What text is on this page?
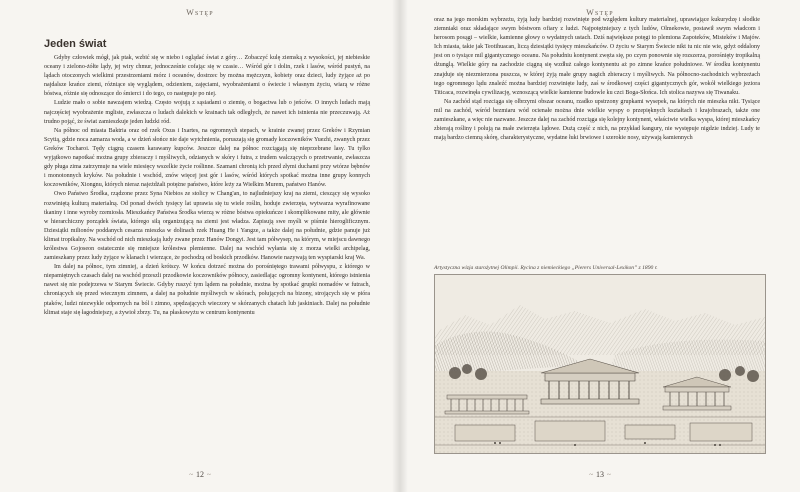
Wstęp
Jeden świat

Gdyby człowiek mógł, jak ptak, wzbić się w niebo i oglądać świat z góry… Zobaczyć kulę ziemską z wysokości, jej niebieskie oceany i zielono-żółte lądy, jej wiry chmur, jednocześnie cofając się w czasie… Wśród gór i dolin, rzek i lasów, wśród pustyń, na lądach otoczonych wielkimi przestrzeniami mórz i oceanów, dostrzec by można mężczyzn, kobiety oraz dzieci, ludy żyjące aż po najdalsze krańce ziemi, różniące się wyglądem, odzieniem, zajęciami, wyobrażeniami o świecie i własnym życiu, wiarą w różne bóstwa, różnie się odnoszące do śmierci i do tego, co następuje po niej.

Ludzie mało o sobie nawzajem wiedzą. Często wojują z sąsiadami o ziemię, o bogactwa lub o jeńców. O innych ludach mają najczęściej wyobrażenie mgliste, zwłaszcza o ludach dalekich w krainach tak odległych, że nawet ich istnienia nie przeczuwają. Aż trudno pojąć, że świat zamieszkuje jeden ludzki ród.

Na północ od miasta Baktria oraz od rzek Oxus i Ixartes, na ogromnych stepach, w krainie zwanej przez Greków i Rzymian Scytią, gdzie noca zamarza woda, a w dzień słońce nie daje wytchnienia, poruszają się gromady koczowników Yuezhi, zwanych przez Greków Tocharoi. Tędy ciągną czasem karawany kupców. Jeszcze dalej na północ rozciągają się nieprzebrane lasy. Tu tylko wyjątkowo napotkać można grupy zbieraczy i myśliwych, odzianych w skóry i futra, z trudem walczących o przetrwanie, zwłaszcza gdy pługa zima zatrzymuje na wiele miesięcy wszelkie życie roślinne. Szamani chronią ich przed złymi duchami przy wtórze bębnów i monotonnych kryków. Na południe i wschód, znów więcej jest gór i lasów, wśród których spotkać można inne grupy konnych koczowników, Xiongnu, których nieraz najeżdżali potężne państwo, które leży za Wielkim Murem, państwo Hanów.

Owo Państwo Środka, rządzone przez Syna Niebios ze stolicy w Chang'an, to najludniejszy kraj na ziemi, cieszący się wysoko rozwiniętą kulturą materialną. Od ponad dwóch tysięcy lat uprawia się tu wiele roślin, hoduje zwierzęta, wytwarza wyrafinowane tkaniny i inne wyroby rzemiosła. Mieszkańcy Państwa Środka wierzą w różne bóstwa opiekuńcze i skomplikowane mity, ale głównie w hierarchiczny porządek świata, którego siłą organizującą na ziemi jest władza. Zapisują swe myśli w piśmie hieroglificznym. Dziesiątki milionów poddanych cesarza mieszka w dolinach rzek Huang He i Yangze, a także dalej na południe, gdzie panuje już klimat tropikalny. Na wschód od nich mieszkają ludy zwane przez Hanów Dongyi. Jest tam półwysep, na którym, w miejscu dawnego królestwa Gojoseon ostatecznie się mniejsze królestwa plemienne. Dalej na wschód wyłania się z morza wielki archipelag, zamieszkany przez ludy żyjące w klanach i wierzące, że pochodzą od boskich przodków. Hanowie nazywają ten wyspiarski kraj Wa.

Im dalej na północ, tym zimniej, a dzień krótszy. W końcu dotrzeć można do porośniętego trawami półwyspu, z którego w niepamiętnych czasach dalej na wschód przeszli przodkowie koczowników północy, zasiedlając ogromny kontynent, którego istnienia nawet się nie podejrzewa w Starym Świecie. Gdyby ruszyć tym lądem na południe, można by spotkać grupki nomadów w futrach, chroniących się przed wiecznym zimnem, a dalej na południe myśliwych w skórach, polujących na bizony, strojących się w pióra ptaków, ludzi niezwykle odpornych na ból i zimno, spędzających wieczory w skórzanych chatach lub jaskiniach. Dalej na południe klimat staje się łagodniejszy, a żywioł zbrzy. Tu, na płaskowyżu w centrum kontynentu

~ 12 ~
Wstęp

oraz na jego morskim wybrzeżu, żyją ludy bardziej rozwinięte pod względem kultury materialnej, uprawiające kukurydzę i słodkie ziemniaki oraz składające swym bóstwom ofiary z ludzi. Najpotężniejszy z tych ludów, Olmekowie, postawił swym władcom i herosom posągi – wielkie, kamienne głowy o wydatnych ustach. Dziś największe potęgi to plemiona Zapoteków, Misteków i Majów. Ich miasta, takie jak Teotihuacan, liczą dziesiątki tysięcy mieszkańców. O życiu w Starym Świecie nikt tu nic nie wie, gdyż oddalony jest on o tysiące mil gigantycznego oceanu. Na południu kontynent zwęża się, po czym ponownie się rozszerza, porośnięty tropikalną dżunglą. Wielkie góry na zachodzie ciągną się wzdłuż całego kontynentu aż po zimne krańce południowe. W środku kontynentu znajduje się niezmierzona puszcza, w której żyją małe grupy nagich zbieraczy i myśliwych. Na północno-zachodnich wybrzeżach tego ogromnego lądu znaleźć można bardziej rozwinięte ludy, zaś w środkowej części gigantycznych gór, wokół wielkiego jeziora Titicaca, rozwinęła cywilizację, wznoszącą wielkie kamienne budowle ku czci Boga-Słońca. Ich stolica nazywa się Tiwanaku.

Na zachód stąd rozciąga się olbrzymi obszar oceanu, rzadko upstrzony grupkami wysepek, na których nie mieszka nikt. Tysiące mil na zachód, wśród bezmiaru wód ocienałe można dnie wielkie wyspy o przepięknych kształtach i krajobrazach, także one zamieszkane, a więc nie nazwane. Jeszcze dalej na zachód rozciąga się kolejny kontynent, właściwie wielka wyspa, której mieszkańcy zbierają rośliny i polują na małe zwierzęta lądowe. Dużą część z nich, na przykład kangury, nie występuje nigdzie indziej. Ludy te mają bardzo ciemną skórę, charakterystyczne, wydatne łuki brwiowe i szerokie nosy, używają kamiennych

Artystyczna wizja starożytnej Olimpii. Rycina z niemieckiego „Pierers Universal-Lexikon” z 1890 r.
~ 13 ~
